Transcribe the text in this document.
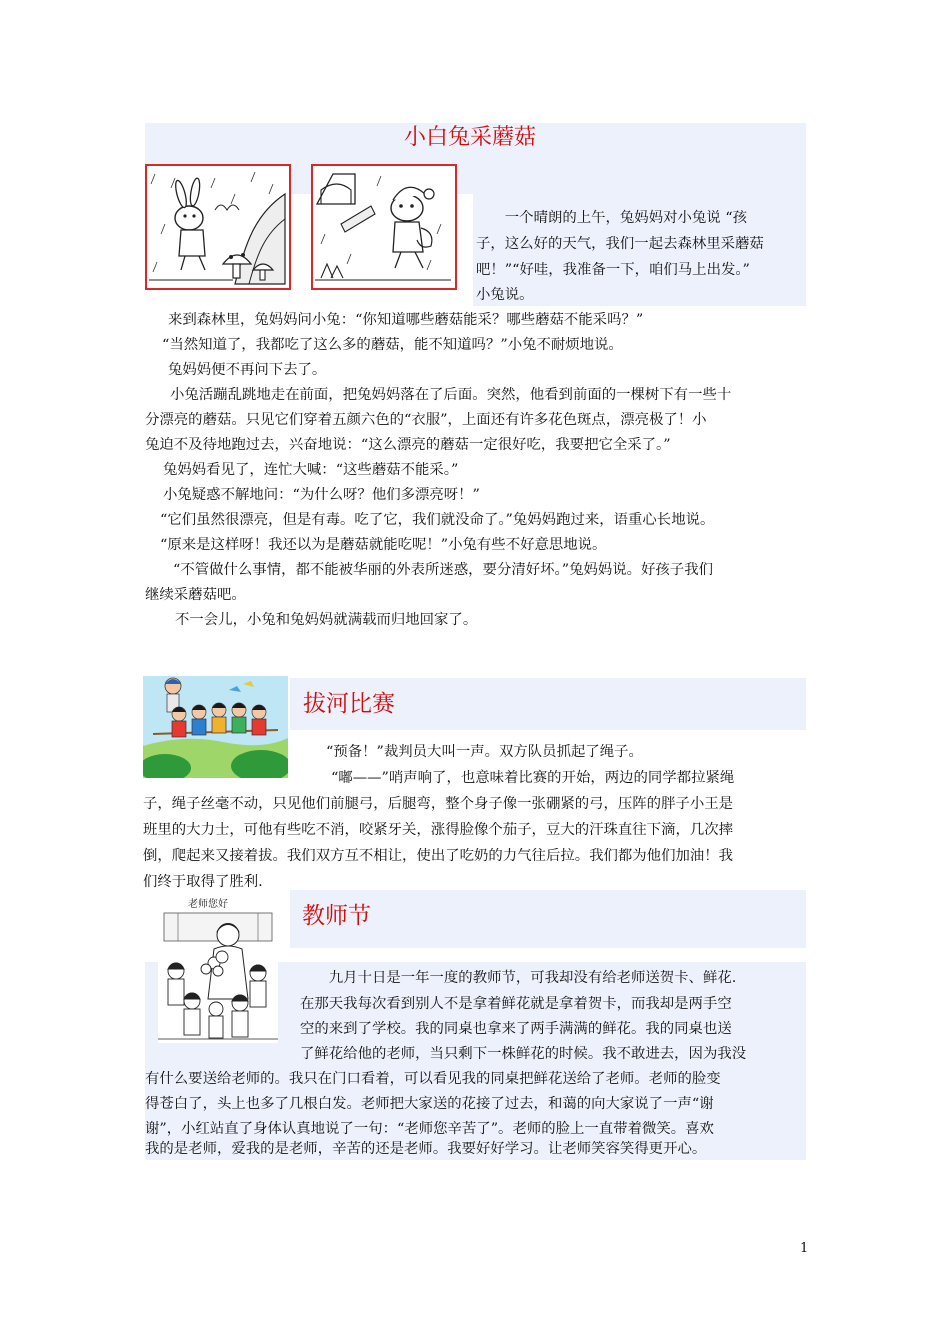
小白兔采蘑菇
　　一个晴朗的上午，兔妈妈对小兔说 “孩
子，这么好的天气，我们一起去森林里采蘑菇
吧！”“好哇，我准备一下，咱们马上出发。”
小兔说。
来到森林里，兔妈妈问小兔：“你知道哪些蘑菇能采？哪些蘑菇不能采吗？”
“当然知道了，我都吃了这么多的蘑菇，能不知道吗？”小兔不耐烦地说。
兔妈妈便不再问下去了。
小兔活蹦乱跳地走在前面，把兔妈妈落在了后面。突然，他看到前面的一棵树下有一些十
分漂亮的蘑菇。只见它们穿着五颜六色的“衣服”，上面还有许多花色斑点，漂亮极了！小
兔迫不及待地跑过去，兴奋地说：“这么漂亮的蘑菇一定很好吃，我要把它全采了。”
兔妈妈看见了，连忙大喊：“这些蘑菇不能采。”
小兔疑惑不解地问：“为什么呀？他们多漂亮呀！”
“它们虽然很漂亮，但是有毒。吃了它，我们就没命了。”兔妈妈跑过来，语重心长地说。
“原来是这样呀！我还以为是蘑菇就能吃呢！”小兔有些不好意思地说。
“不管做什么事情，都不能被华丽的外表所迷惑，要分清好坏。”兔妈妈说。好孩子我们
继续采蘑菇吧。
不一会儿，小兔和兔妈妈就满载而归地回家了。
拔河比赛
“预备！”裁判员大叫一声。双方队员抓起了绳子。
“嘟——”哨声响了，也意味着比赛的开始，两边的同学都拉紧绳
子，绳子丝毫不动，只见他们前腿弓，后腿弯，整个身子像一张硼紧的弓，压阵的胖子小王是
班里的大力士，可他有些吃不消，咬紧牙关，涨得脸像个茄子，豆大的汗珠直往下滴，几次摔
倒，爬起来又接着拔。我们双方互不相让，使出了吃奶的力气往后拉。我们都为他们加油！我
们终于取得了胜利.
教师节
老师您好
　　九月十日是一年一度的教师节，可我却没有给老师送贺卡、鲜花.
在那天我每次看到别人不是拿着鲜花就是拿着贺卡，而我却是两手空
空的来到了学校。我的同桌也拿来了两手满满的鲜花。我的同桌也送
了鲜花给他的老师，当只剩下一株鲜花的时候。我不敢进去，因为我没
有什么要送给老师的。我只在门口看着，可以看见我的同桌把鲜花送给了老师。老师的脸变
得苍白了，头上也多了几根白发。老师把大家送的花接了过去，和蔼的向大家说了一声“谢
谢”，小红站直了身体认真地说了一句：“老师您辛苦了”。老师的脸上一直带着微笑。喜欢
我的是老师，爱我的是老师，辛苦的还是老师。我要好好学习。让老师笑容笑得更开心。
1
